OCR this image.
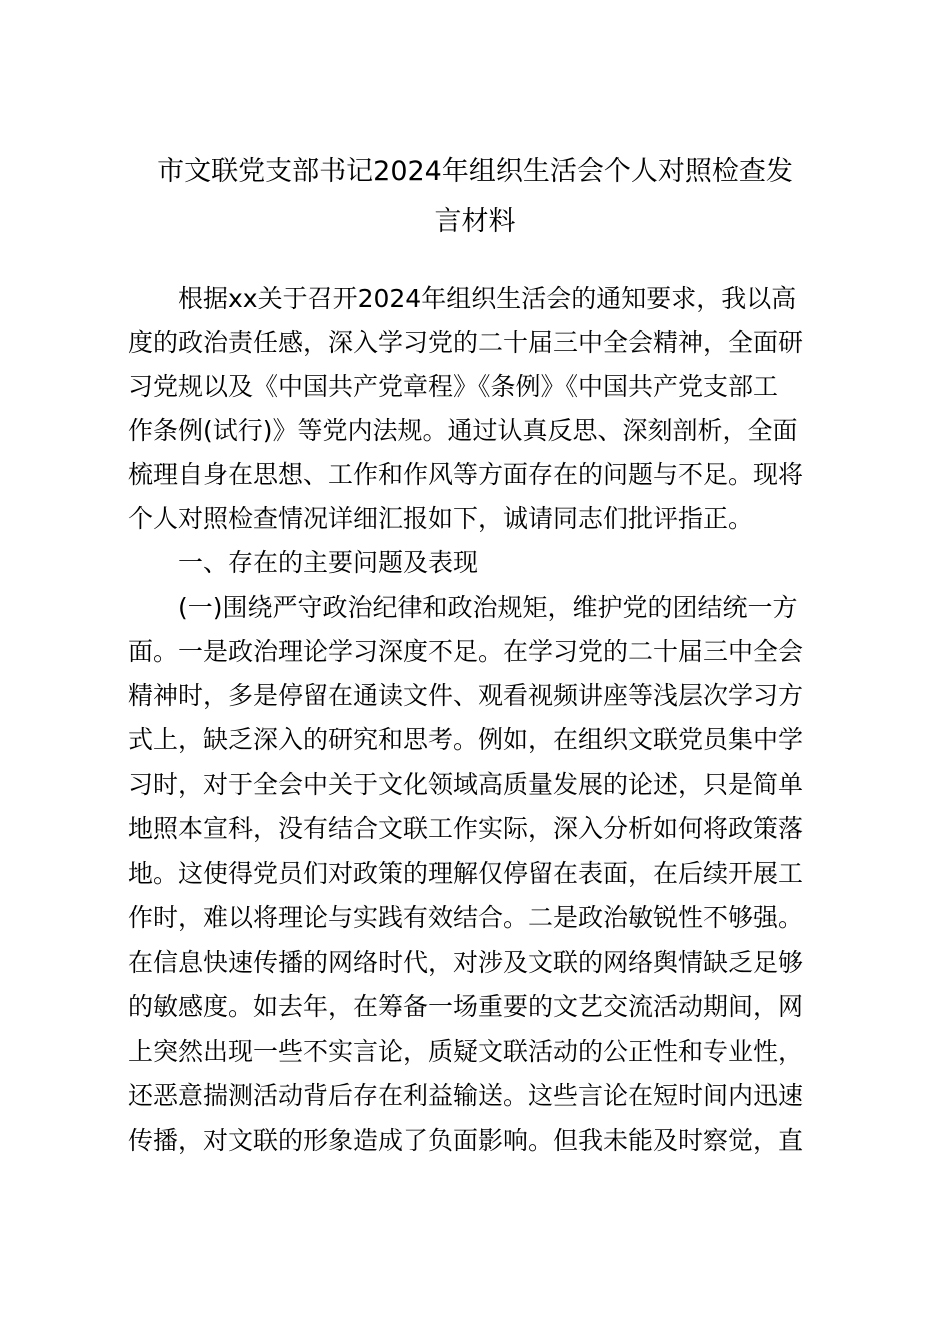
市文联党支部书记2024年组织生活会个人对照检查发
言材料
根据xx关于召开2024年组织生活会的通知要求，我以高
度的政治责任感，深入学习党的二十届三中全会精神，全面研
习党规以及《中国共产党章程》《条例》《中国共产党支部工
作条例(试行)》等党内法规。通过认真反思、深刻剖析，全面
梳理自身在思想、工作和作风等方面存在的问题与不足。现将
个人对照检查情况详细汇报如下，诚请同志们批评指正。
一、存在的主要问题及表现
(一)围绕严守政治纪律和政治规矩，维护党的团结统一方
面。一是政治理论学习深度不足。在学习党的二十届三中全会
精神时，多是停留在通读文件、观看视频讲座等浅层次学习方
式上，缺乏深入的研究和思考。例如，在组织文联党员集中学
习时，对于全会中关于文化领域高质量发展的论述，只是简单
地照本宣科，没有结合文联工作实际，深入分析如何将政策落
地。这使得党员们对政策的理解仅停留在表面，在后续开展工
作时，难以将理论与实践有效结合。二是政治敏锐性不够强。
在信息快速传播的网络时代，对涉及文联的网络舆情缺乏足够
的敏感度。如去年，在筹备一场重要的文艺交流活动期间，网
上突然出现一些不实言论，质疑文联活动的公正性和专业性，
还恶意揣测活动背后存在利益输送。这些言论在短时间内迅速
传播，对文联的形象造成了负面影响。但我未能及时察觉，直
